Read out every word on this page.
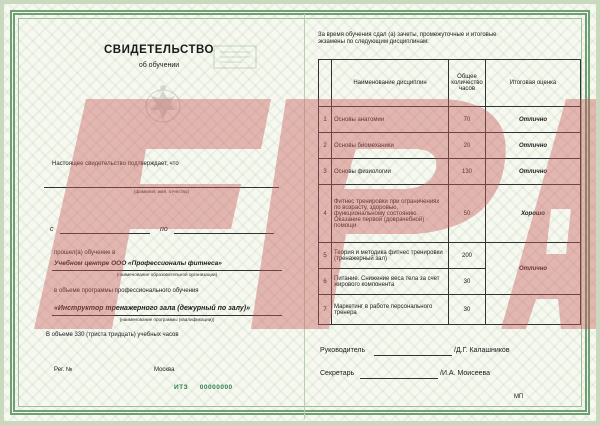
СВИДЕТЕЛЬСТВО
об обучении
Настоящее свидетельство подтверждает, что
(фамилия, имя, отчество)
с	по
прошел(а) обучение в
Учебном центре ООО «Профессионалы фитнеса»
(наименование образовательной организации)
в объеме программы профессионального обучения
«Инструктор тренажерного зала (дежурный по залу)»
(наименование программы (квалификации))
В объеме 330 (триста тридцать) учебных часов
Рег. №	Москва
ИТЗ 00000000
За время обучения сдал (а) зачеты, промежуточные и итоговые
экзамены по следующим дисциплинам:
	Наименование дисциплин	Общее количество часов	Итоговая оценка
1	Основы анатомии	70	Отлично
2	Основы биомеханики	20	Отлично
3	Основы физиологии	130	Отлично
4	Фитнес тренировки при ограничениях по возрасту, здоровью, функциональному состоянию. Оказание первой (доврачебной) помощи	50	Хорошо
5	Теория и методика фитнес тренировки (тренажерный зал)	200	Отлично
6	Питание. Снижение веса тела за счет жирового компонента	30	
7	Маркетинг в работе персонального тренера	30	
Руководитель	/Д.Г. Калашников
Секретарь	/И.А. Моисеева
МП
